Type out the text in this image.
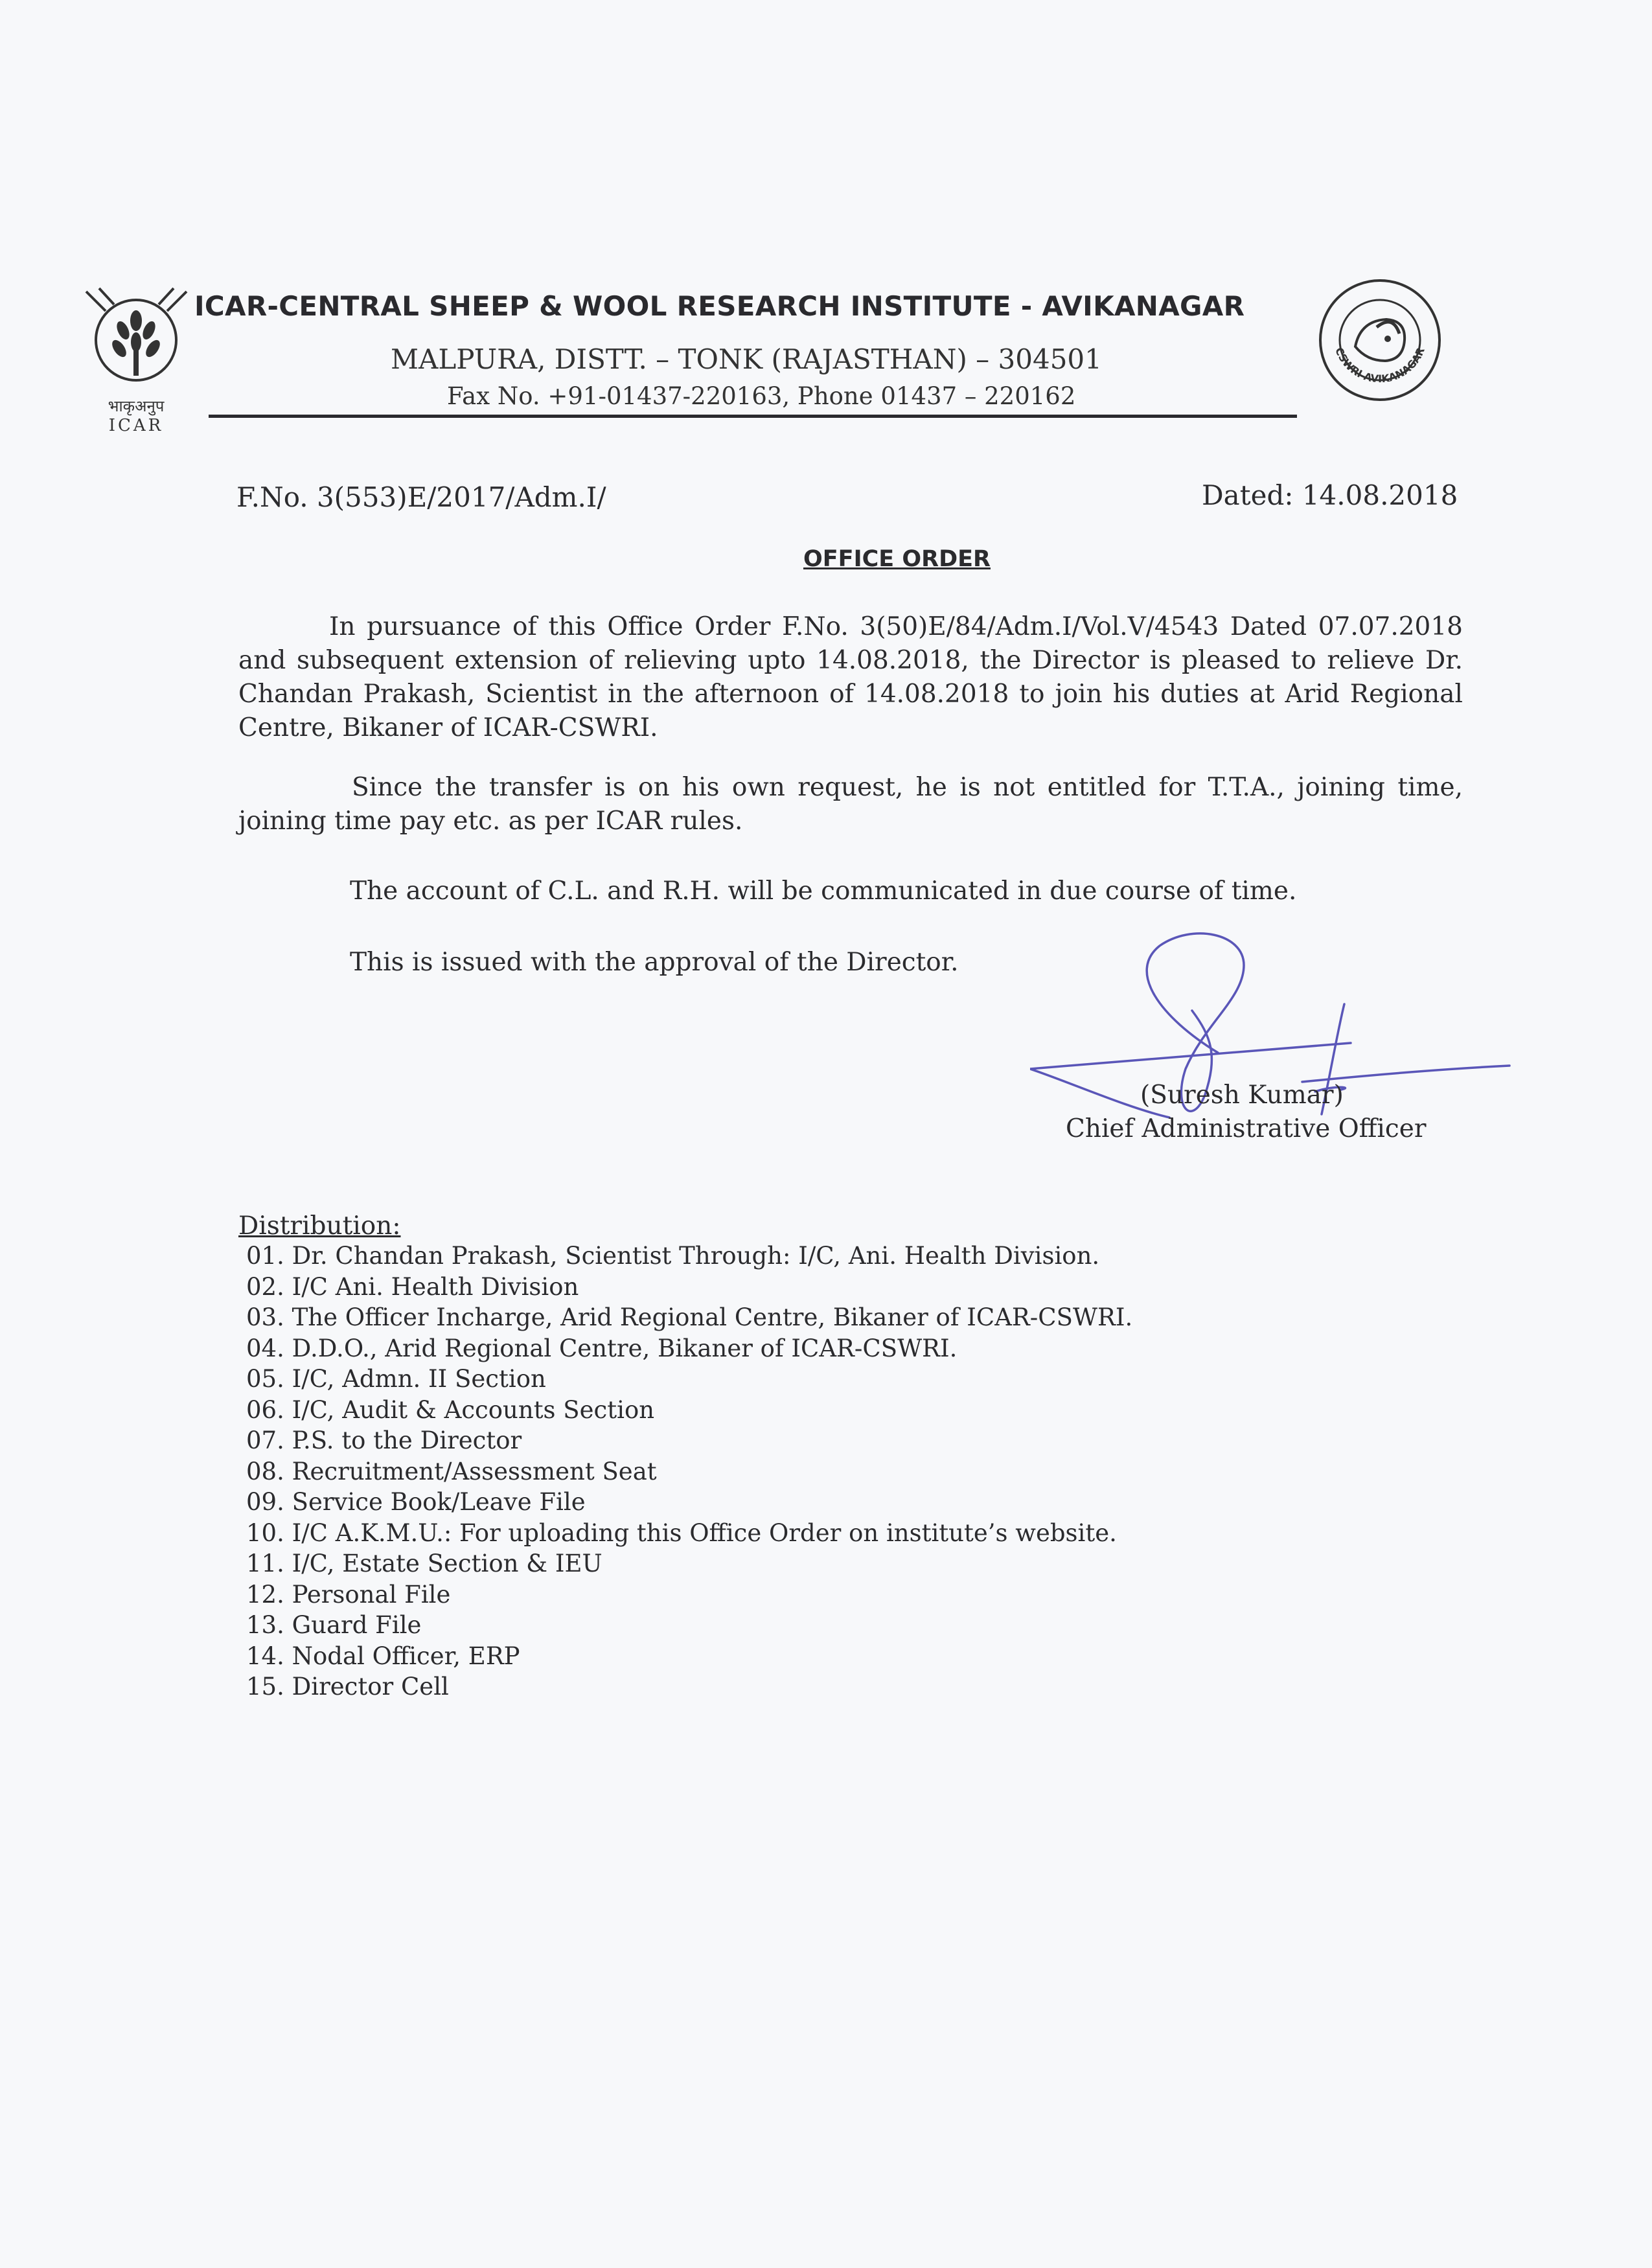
भाकृअनुप
ICAR
ICAR-CENTRAL SHEEP & WOOL RESEARCH INSTITUTE - AVIKANAGAR
MALPURA, DISTT. – TONK (RAJASTHAN) – 304501
Fax No. +91-01437-220163, Phone 01437 – 220162
CSWRI AVIKANAGAR
F.No. 3(553)E/2017/Adm.I/	Dated: 14.08.2018
OFFICE ORDER
In pursuance of this Office Order F.No. 3(50)E/84/Adm.I/Vol.V/4543 Dated 07.07.2018 and subsequent extension of relieving upto 14.08.2018, the Director is pleased to relieve Dr. Chandan Prakash, Scientist in the afternoon of 14.08.2018 to join his duties at Arid Regional Centre, Bikaner of ICAR-CSWRI.
Since the transfer is on his own request, he is not entitled for T.T.A., joining time, joining time pay etc. as per ICAR rules.
The account of C.L. and R.H. will be communicated in due course of time.
This is issued with the approval of the Director.
(Suresh Kumar)
Chief Administrative Officer
Distribution:
01. Dr. Chandan Prakash, Scientist Through: I/C, Ani. Health Division.
02. I/C Ani. Health Division
03. The Officer Incharge, Arid Regional Centre, Bikaner of ICAR-CSWRI.
04. D.D.O., Arid Regional Centre, Bikaner of ICAR-CSWRI.
05. I/C, Admn. II Section
06. I/C, Audit & Accounts Section
07. P.S. to the Director
08. Recruitment/Assessment Seat
09. Service Book/Leave File
10. I/C A.K.M.U.: For uploading this Office Order on institute’s website.
11. I/C, Estate Section & IEU
12. Personal File
13. Guard File
14. Nodal Officer, ERP
15. Director Cell
